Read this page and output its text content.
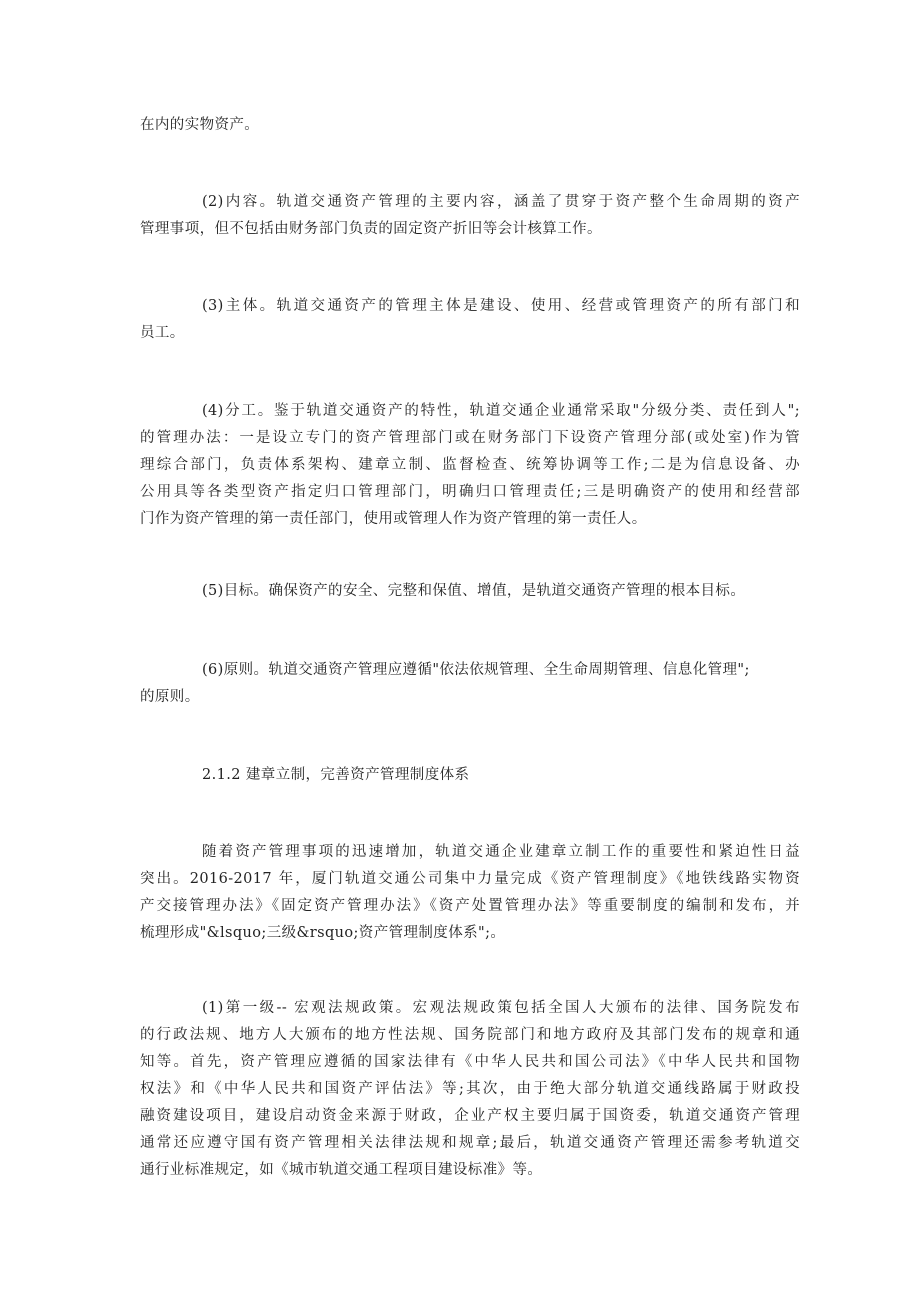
在内的实物资产。
(2)内容。轨道交通资产管理的主要内容，涵盖了贯穿于资产整个生命周期的资产
管理事项，但不包括由财务部门负责的固定资产折旧等会计核算工作。
(3)主体。轨道交通资产的管理主体是建设、使用、经营或管理资产的所有部门和
员工。
(4)分工。鉴于轨道交通资产的特性，轨道交通企业通常采取"分级分类、责任到人";
的管理办法：一是设立专门的资产管理部门或在财务部门下设资产管理分部(或处室)作为管
理综合部门，负责体系架构、建章立制、监督检查、统筹协调等工作;二是为信息设备、办
公用具等各类型资产指定归口管理部门，明确归口管理责任;三是明确资产的使用和经营部
门作为资产管理的第一责任部门，使用或管理人作为资产管理的第一责任人。
(5)目标。确保资产的安全、完整和保值、增值，是轨道交通资产管理的根本目标。
(6)原则。轨道交通资产管理应遵循"依法依规管理、全生命周期管理、信息化管理";
的原则。
2.1.2 建章立制，完善资产管理制度体系
随着资产管理事项的迅速增加，轨道交通企业建章立制工作的重要性和紧迫性日益
突出。2016-2017 年，厦门轨道交通公司集中力量完成《资产管理制度》《地铁线路实物资
产交接管理办法》《固定资产管理办法》《资产处置管理办法》等重要制度的编制和发布，并
梳理形成"&lsquo;三级&rsquo;资产管理制度体系";。
(1)第一级-- 宏观法规政策。宏观法规政策包括全国人大颁布的法律、国务院发布
的行政法规、地方人大颁布的地方性法规、国务院部门和地方政府及其部门发布的规章和通
知等。首先，资产管理应遵循的国家法律有《中华人民共和国公司法》《中华人民共和国物
权法》和《中华人民共和国资产评估法》等;其次，由于绝大部分轨道交通线路属于财政投
融资建设项目，建设启动资金来源于财政，企业产权主要归属于国资委，轨道交通资产管理
通常还应遵守国有资产管理相关法律法规和规章;最后，轨道交通资产管理还需参考轨道交
通行业标准规定，如《城市轨道交通工程项目建设标准》等。
